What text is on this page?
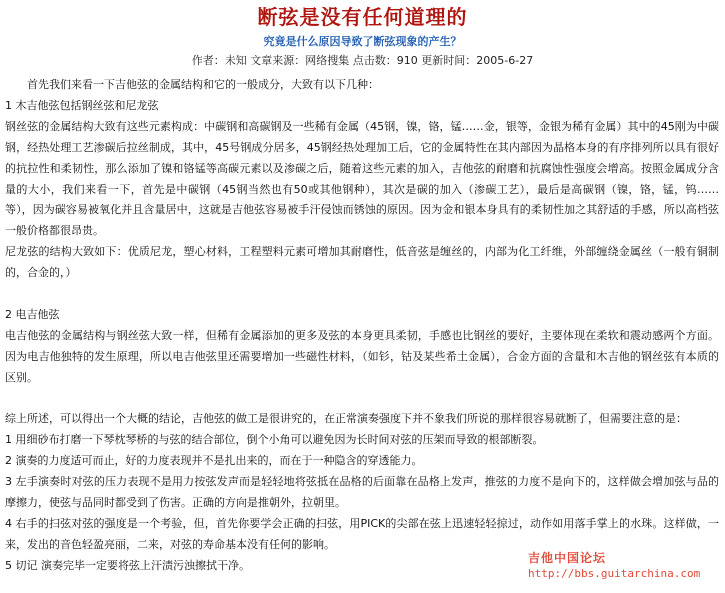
断弦是没有任何道理的
究竟是什么原因导致了断弦现象的产生？
作者：未知 文章来源：网络搜集 点击数：910 更新时间：2005-6-27

首先我们来看一下吉他弦的金属结构和它的一般成分，大致有以下几种：

1 木吉他弦包括钢丝弦和尼龙弦

钢丝弦的金属结构大致有这些元素构成：中碳钢和高碳钢及一些稀有金属（45钢，镍，铬，锰……金，银等，金银为稀有金属）其中的45刚为中碳钢，经热处理工艺渗碳后拉丝制成，其中，45号钢成分居多，45钢经热处理加工后，它的金属特性在其内部因为晶格本身的有序排列所以具有很好的抗拉性和柔韧性，那么添加了镍和铬锰等高碳元素以及渗碳之后，随着这些元素的加入，吉他弦的耐磨和抗腐蚀性强度会增高。按照金属成分含量的大小，我们来看一下，首先是中碳钢（45钢当然也有50或其他钢种），其次是碳的加入（渗碳工艺），最后是高碳钢（镍，铬，锰，钨……等），因为碳容易被氧化并且含量居中，这就是吉他弦容易被手汗侵蚀而锈蚀的原因。因为金和银本身具有的柔韧性加之其舒适的手感，所以高档弦一般价格都很昂贵。

尼龙弦的结构大致如下：优质尼龙，塑心材料，工程塑料元素可增加其耐磨性，低音弦是缠丝的，内部为化工纤维，外部缠绕金属丝（一般有铜制的，合金的，）

2 电吉他弦

电吉他弦的金属结构与钢丝弦大致一样，但稀有金属添加的更多及弦的本身更具柔韧，手感也比钢丝的要好，主要体现在柔软和震动感两个方面。因为电吉他独特的发生原理，所以电吉他弦里还需要增加一些磁性材料，（如钐，钴及某些希土金属），合金方面的含量和木吉他的钢丝弦有本质的区别。

综上所述，可以得出一个大概的结论，吉他弦的做工是很讲究的，在正常演奏强度下并不象我们所说的那样很容易就断了，但需要注意的是：

1 用细砂布打磨一下琴枕琴桥的与弦的结合部位，倒个小角可以避免因为长时间对弦的压架而导致的根部断裂。

2 演奏的力度适可而止，好的力度表现并不是扎出来的，而在于一种隐含的穿透能力。

3 左手演奏时对弦的压力表现不是用力按弦发声而是轻轻地将弦抵在品格的后面靠在品格上发声，推弦的力度不是向下的，这样做会增加弦与品的摩擦力，使弦与品同时都受到了伤害。正确的方向是推朝外，拉朝里。

4 右手的扫弦对弦的强度是一个考验，但，首先你要学会正确的扫弦，用PICK的尖部在弦上迅速轻轻掠过，动作如用落手掌上的水珠。这样做，一来，发出的音色轻盈亮丽，二来，对弦的寿命基本没有任何的影响。

5 切记 演奏完毕一定要将弦上汗渍污浊擦拭干净。

吉他中国论坛
http://bbs.guitarchina.com
